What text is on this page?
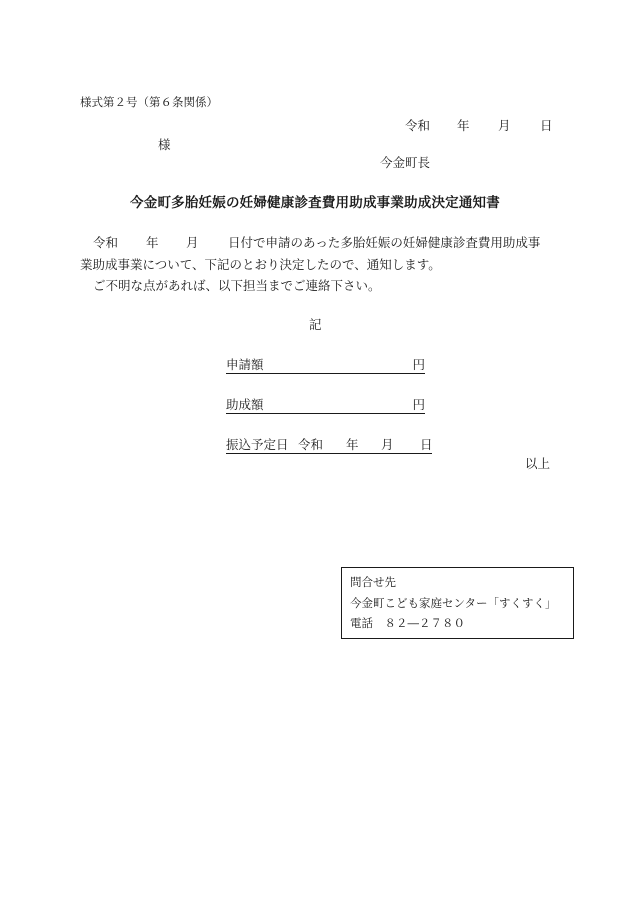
様式第２号（第６条関係）
令和 年 月 日
様
今金町長
今金町多胎妊娠の妊婦健康診査費用助成事業助成決定通知書
令和 年 月 日付で申請のあった多胎妊娠の妊婦健康診査費用助成事
業助成事業について、下記のとおり決定したので、通知します。
ご不明な点があれば、以下担当までご連絡下さい。
記
申請額	円
助成額	円
振込予定日 令和 年 月 日
以上
問合せ先
今金町こども家庭センター「すくすく」
電話　８２―２７８０
